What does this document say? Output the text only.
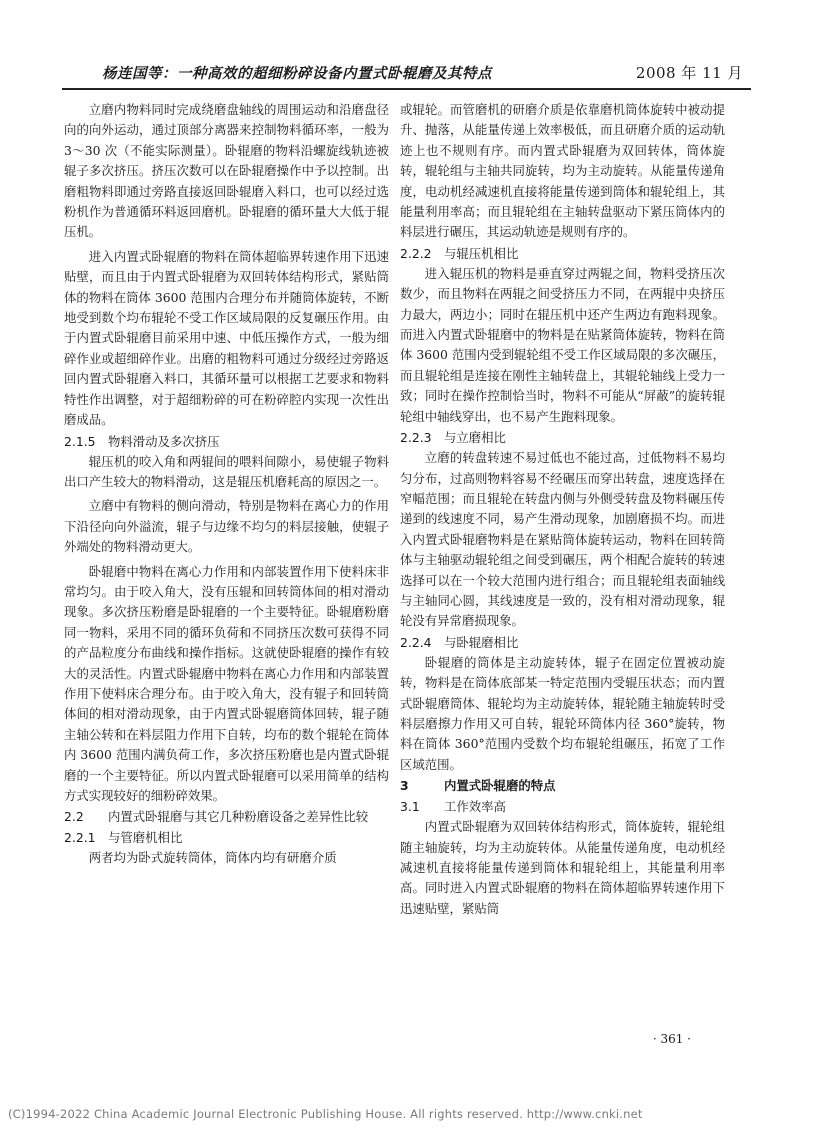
杨连国等：一种高效的超细粉碎设备内置式卧辊磨及其特点	2008 年 11 月

立磨内物料同时完成绕磨盘轴线的周围运动和沿磨盘径向的向外运动，通过顶部分离器来控制物料循环率，一般为 3～30 次（不能实际测量）。卧辊磨的物料沿螺旋线轨迹被辊子多次挤压。挤压次数可以在卧辊磨操作中予以控制。出磨粗物料即通过旁路直接返回卧辊磨入料口，也可以经过选粉机作为普通循环料返回磨机。卧辊磨的循环量大大低于辊压机。

进入内置式卧辊磨的物料在筒体超临界转速作用下迅速贴壁，而且由于内置式卧辊磨为双回转体结构形式，紧贴筒体的物料在筒体 3600 范围内合理分布并随筒体旋转，不断地受到数个均布辊轮不受工作区域局限的反复碾压作用。由于内置式卧辊磨目前采用中速、中低压操作方式，一般为细碎作业或超细碎作业。出磨的粗物料可通过分级经过旁路返回内置式卧辊磨入料口，其循环量可以根据工艺要求和物料特性作出调整，对于超细粉碎的可在粉碎腔内实现一次性出磨成品。

2.1.5 物料滑动及多次挤压

辊压机的咬入角和两辊间的喂料间隙小，易使辊子物料出口产生较大的物料滑动，这是辊压机磨耗高的原因之一。

立磨中有物料的侧向滑动，特别是物料在离心力的作用下沿径向向外溢流，辊子与边缘不均匀的料层接触，使辊子外端处的物料滑动更大。

卧辊磨中物料在离心力作用和内部装置作用下使料床非常均匀。由于咬入角大，没有压辊和回转筒体间的相对滑动现象。多次挤压粉磨是卧辊磨的一个主要特征。卧辊磨粉磨同一物料，采用不同的循环负荷和不同挤压次数可获得不同的产品粒度分布曲线和操作指标。这就使卧辊磨的操作有较大的灵活性。内置式卧辊磨中物料在离心力作用和内部装置作用下使料床合理分布。由于咬入角大，没有辊子和回转筒体间的相对滑动现象，由于内置式卧辊磨筒体回转，辊子随主轴公转和在料层阻力作用下自转，均布的数个辊轮在筒体内 3600 范围内满负荷工作，多次挤压粉磨也是内置式卧辊磨的一个主要特征。所以内置式卧辊磨可以采用简单的结构方式实现较好的细粉碎效果。

2.2 内置式卧辊磨与其它几种粉磨设备之差异性比较
2.2.1 与管磨机相比

两者均为卧式旋转筒体，筒体内均有研磨介质

或辊轮。而管磨机的研磨介质是依靠磨机筒体旋转中被动提升、抛落，从能量传递上效率极低，而且研磨介质的运动轨迹上也不规则有序。而内置式卧辊磨为双回转体，筒体旋转，辊轮组与主轴共同旋转，均为主动旋转。从能量传递角度，电动机经减速机直接将能量传递到筒体和辊轮组上，其能量利用率高；而且辊轮组在主轴转盘驱动下紧压筒体内的料层进行碾压，其运动轨迹是规则有序的。

2.2.2 与辊压机相比

进入辊压机的物料是垂直穿过两辊之间，物料受挤压次数少，而且物料在两辊之间受挤压力不同，在两辊中央挤压力最大，两边小；同时在辊压机中还产生两边有跑料现象。而进入内置式卧辊磨中的物料是在贴紧筒体旋转，物料在筒体 3600 范围内受到辊轮组不受工作区域局限的多次碾压，而且辊轮组是连接在刚性主轴转盘上，其辊轮轴线上受力一致；同时在操作控制恰当时，物料不可能从“屏蔽”的旋转辊轮组中轴线穿出，也不易产生跑料现象。

2.2.3 与立磨相比

立磨的转盘转速不易过低也不能过高，过低物料不易均匀分布，过高则物料容易不经碾压而穿出转盘，速度选择在窄幅范围；而且辊轮在转盘内侧与外侧受转盘及物料碾压传递到的线速度不同，易产生滑动现象，加剧磨损不均。而进入内置式卧辊磨物料是在紧贴筒体旋转运动，物料在回转筒体与主轴驱动辊轮组之间受到碾压，两个相配合旋转的转速选择可以在一个较大范围内进行组合；而且辊轮组表面轴线与主轴同心圆，其线速度是一致的，没有相对滑动现象，辊轮没有异常磨损现象。

2.2.4 与卧辊磨相比

卧辊磨的筒体是主动旋转体，辊子在固定位置被动旋转，物料是在筒体底部某一特定范围内受辊压状态；而内置式卧辊磨筒体、辊轮均为主动旋转体，辊轮随主轴旋转时受料层磨擦力作用又可自转，辊轮环筒体内径 360°旋转，物料在筒体 360°范围内受数个均布辊轮组碾压，拓宽了工作区域范围。

3	内置式卧辊磨的特点
3.1 工作效率高

内置式卧辊磨为双回转体结构形式，筒体旋转，辊轮组随主轴旋转，均为主动旋转体。从能量传递角度，电动机经减速机直接将能量传递到筒体和辊轮组上，其能量利用率高。同时进入内置式卧辊磨的物料在筒体超临界转速作用下迅速贴壁，紧贴筒

· 361 ·
(C)1994-2022 China Academic Journal Electronic Publishing House. All rights reserved. http://www.cnki.net
